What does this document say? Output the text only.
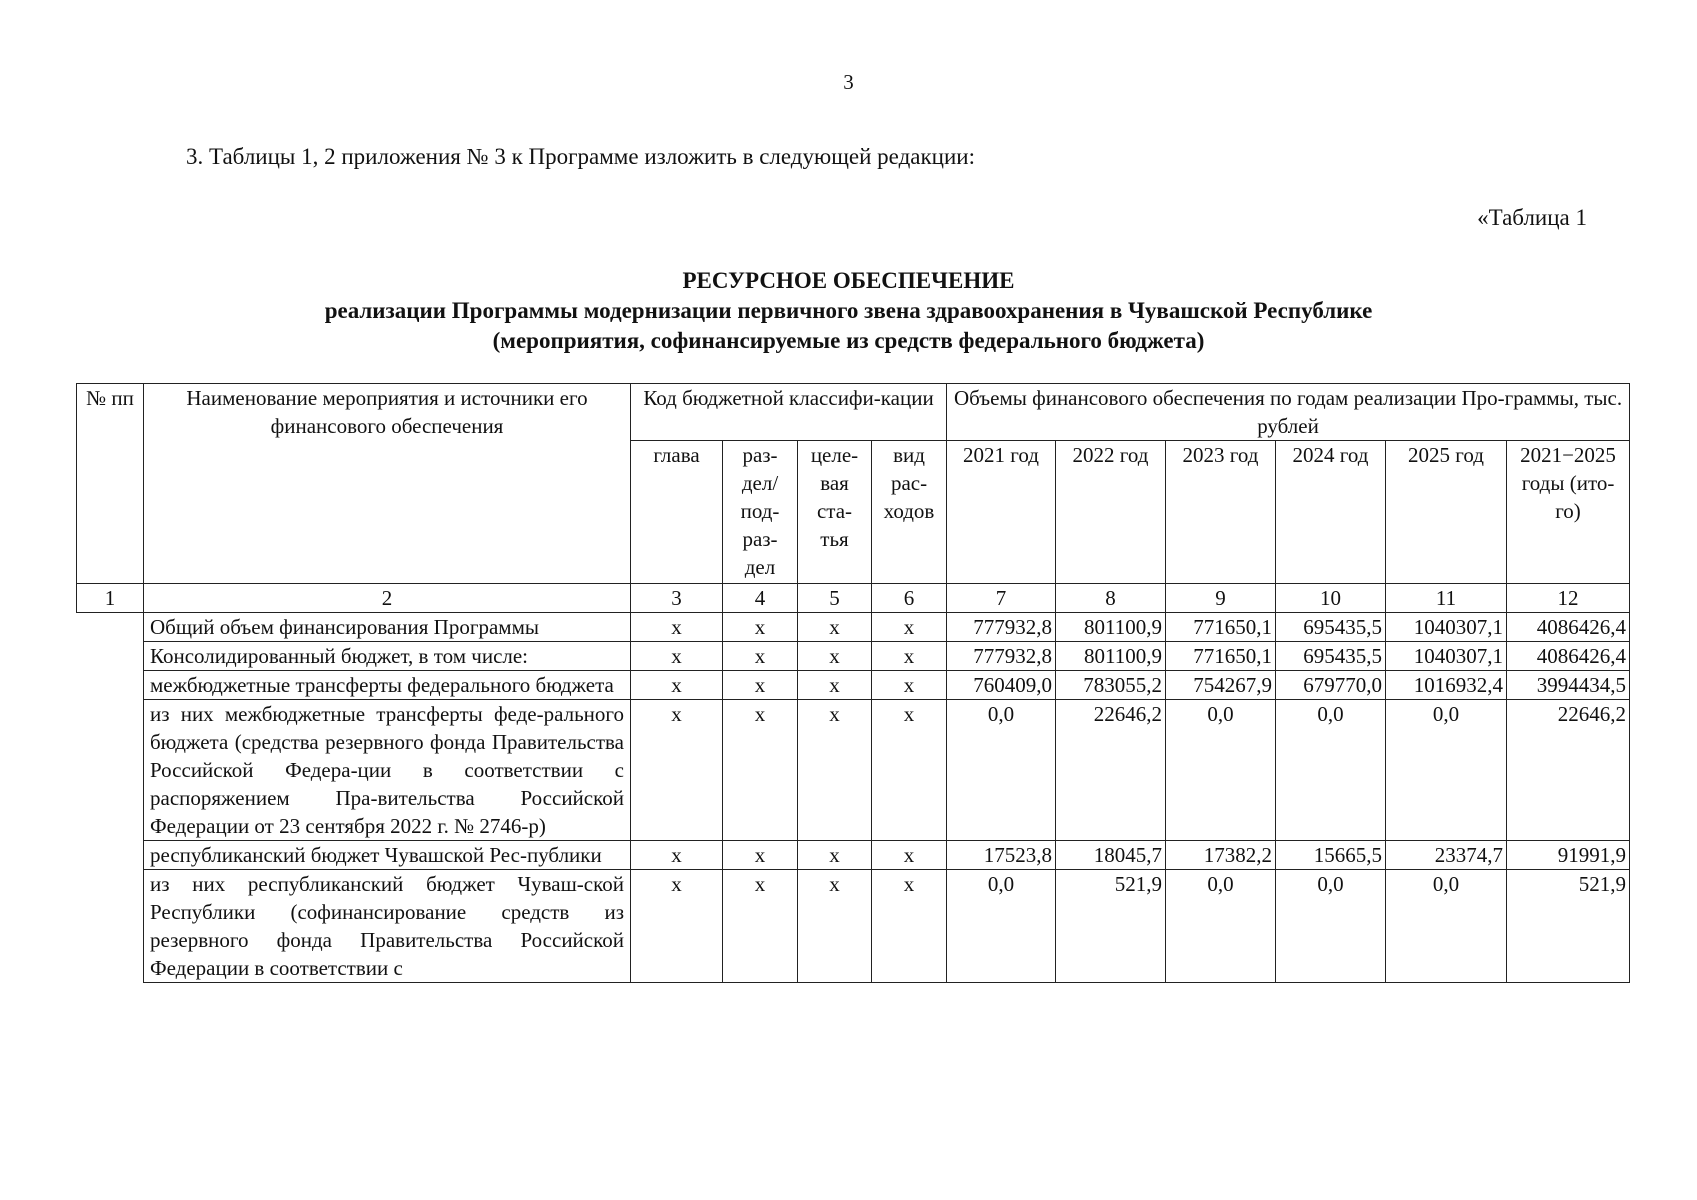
3
3. Таблицы 1, 2 приложения № 3 к Программе изложить в следующей редакции:
«Таблица 1
РЕСУРСНОЕ ОБЕСПЕЧЕНИЕ
реализации Программы модернизации первичного звена здравоохранения в Чувашской Республике
(мероприятия, софинансируемые из средств федерального бюджета)
№ пп	Наименование мероприятия и источники его финансового обеспечения	Код бюджетной классифи-кации				Объемы финансового обеспечения по годам реализации Про-граммы, тыс. рублей					
		глава	раз-дел/под-раз-дел	целе-вая ста-тья	вид рас-ходов	2021 год	2022 год	2023 год	2024 год	2025 год	2021−2025 годы (ито-го)
1	2	3	4	5	6	7	8	9	10	11	12
	Общий объем финансирования Программы	x	x	x	x	777932,8	801100,9	771650,1	695435,5	1040307,1	4086426,4
	Консолидированный бюджет, в том числе:	x	x	x	x	777932,8	801100,9	771650,1	695435,5	1040307,1	4086426,4
	межбюджетные трансферты федерального бюджета	x	x	x	x	760409,0	783055,2	754267,9	679770,0	1016932,4	3994434,5
	из них межбюджетные трансферты феде-рального бюджета (средства резервного фонда Правительства Российской Федера-ции в соответствии с распоряжением Пра-вительства Российской Федерации от 23 сентября 2022 г. № 2746-р)	x	x	x	x	0,0	22646,2	0,0	0,0	0,0	22646,2
	республиканский бюджет Чувашской Рес-публики	x	x	x	x	17523,8	18045,7	17382,2	15665,5	23374,7	91991,9
	из них республиканский бюджет Чуваш-ской Республики (софинансирование средств из резервного фонда Правительства Российской Федерации в соответствии с	x	x	x	x	0,0	521,9	0,0	0,0	0,0	521,9
